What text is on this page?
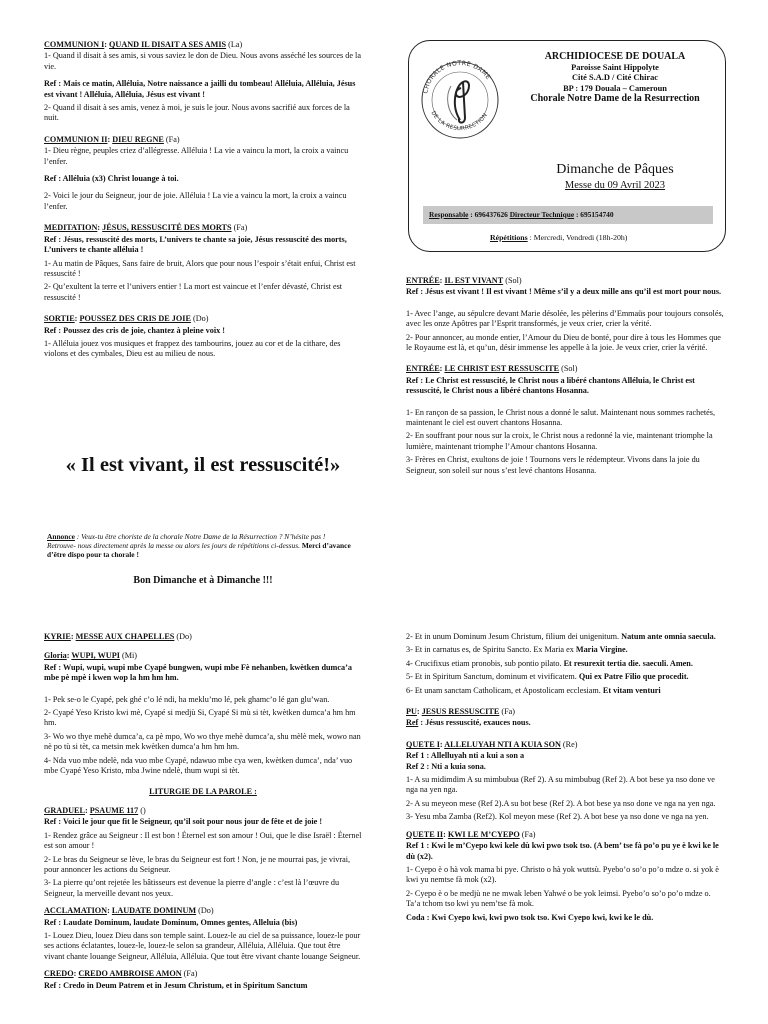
COMMUNION I: QUAND IL DISAIT A SES AMIS (La)

1- Quand il disait à ses amis, si vous saviez le don de Dieu. Nous avons asséché les sources de la vie.

Ref : Mais ce matin, Alléluia, Notre naissance a jailli du tombeau! Alléluia, Alléluia, Jésus est vivant ! Alléluia, Alléluia, Jésus est vivant !

2- Quand il disait à ses amis, venez à moi, je suis le jour. Nous avons sacrifié aux forces de la nuit.

COMMUNION II: DIEU REGNE (Fa)

1- Dieu règne, peuples criez d’allégresse. Alléluia ! La vie a vaincu la mort, la croix a vaincu l’enfer.

Ref : Alléluia (x3) Christ louange à toi.

2- Voici le jour du Seigneur, jour de joie. Alléluia ! La vie a vaincu la mort, la croix a vaincu l’enfer.

MEDITATION: JÉSUS, RESSUSCITÉ DES MORTS (Fa)

Ref : Jésus, ressuscité des morts, L’univers te chante sa joie, Jésus ressuscité des morts, L’univers te chante alléluia !

1- Au matin de Pâques, Sans faire de bruit, Alors que pour nous l’espoir s’était enfui, Christ est ressuscité !

2- Qu’exultent la terre et l’univers entier ! La mort est vaincue et l’enfer dévasté, Christ est ressuscité !

SORTIE: POUSSEZ DES CRIS DE JOIE (Do)

Ref : Poussez des cris de joie, chantez à pleine voix !

1- Alléluia jouez vos musiques et frappez des tambourins, jouez au cor et de la cithare, des violons et des cymbales, Dieu est au milieu de nous.

« Il est vivant, il est ressuscité!»
Annonce : Veux-tu être choriste de la chorale Notre Dame de la Résurrection ? N’hésite pas ! Retrouve- nous directement après la messe ou alors les jours de répétitions ci-dessus. Merci d’avance d’être dispo pour ta chorale !
Bon Dimanche et à Dimanche !!!
CHORALE NOTRE DAME
DE LA RESURRECTION
ARCHIDIOCESE DE DOUALA
Paroisse Saint Hippolyte
Cité S.A.D / Cité Chirac
BP : 179 Douala – Cameroun
Chorale Notre Dame de la Resurrection
Dimanche de Pâques
Messe du 09 Avril 2023
Responsable : 696437626 Directeur Technique : 695154740
Répétitions : Mercredi, Vendredi (18h-20h)
ENTRÉE: IL EST VIVANT (Sol)

Ref : Jésus est vivant ! Il est vivant ! Même s’il y a deux mille ans qu’il est mort pour nous.

1- Avec l’ange, au sépulcre devant Marie désolée, les pèlerins d’Emmaüs pour toujours consolés, avec les onze Apôtres par l’Esprit transformés, je veux crier, crier la vérité.

2- Pour annoncer, au monde entier, l’Amour du Dieu de bonté, pour dire à tous les Hommes que le Royaume est là, et qu’un, désir immense les appelle à la joie. Je veux crier, crier la vérité.

ENTRÉE: LE CHRIST EST RESSUSCITE (Sol)

Ref : Le Christ est ressuscité, le Christ nous a libéré chantons Alléluia, le Christ est ressuscité, le Christ nous a libéré chantons Hosanna.

1- En rançon de sa passion, le Christ nous a donné le salut. Maintenant nous sommes rachetés, maintenant le ciel est ouvert chantons Hosanna.

2- En souffrant pour nous sur la croix, le Christ nous a redonné la vie, maintenant triomphe la lumière, maintenant triomphe l’Amour chantons Hosanna.

3- Frères en Christ, exultons de joie ! Tournons vers le rédempteur. Vivons dans la joie du Seigneur, son soleil sur nous s’est levé chantons Hosanna.

KYRIE: MESSE AUX CHAPELLES (Do)
Gloria: WUPI, WUPI (Mi)

Ref : Wupi, wupi, wupi mbe Cyapé bungwen, wupi mbe Fè nehanben, kwètken dumca’a mbe pè mpè i kwen wop la hm hm hm.

1- Pek se-o le Cyapé, pek ghé c’o lé ndi, ha meklu’mo lé, pek ghamc’o lé gan glu’wan.

2- Cyapé Yeso Kristo kwi mè, Cyapé si medjù Si, Cyapé Si mù si tèt, kwètken dumca’a hm hm hm.

3- Wo wo thye mehè dumca’a, ca pè mpo, Wo wo thye mehè dumca’a, shu mèlè mek, wowo nan nè po tù si tèt, ca metsin mek kwètken dumca’a hm hm hm.

4- Nda vuo mbe ndelè, nda vuo mbe Cyapé, ndawuo mbe cya wen, kwètken dumca’, nda’ vuo mbe Cyapé Yeso Kristo, mba Jwine ndelè, thum wupi si tèt.

LITURGIE DE LA PAROLE :
GRADUEL: PSAUME 117 ()

Ref : Voici le jour que fit le Seigneur, qu’il soit pour nous jour de fête et de joie !

1- Rendez grâce au Seigneur : Il est bon ! Éternel est son amour ! Oui, que le dise Israël : Éternel est son amour !

2- Le bras du Seigneur se lève, le bras du Seigneur est fort ! Non, je ne mourrai pas, je vivrai, pour annoncer les actions du Seigneur.

3- La pierre qu’ont rejetée les bâtisseurs est devenue la pierre d’angle : c’est là l’œuvre du Seigneur, la merveille devant nos yeux.

ACCLAMATION: LAUDATE DOMINUM (Do)

Ref : Laudate Dominum, laudate Dominum, Omnes gentes, Alleluia (bis)

1- Louez Dieu, louez Dieu dans son temple saint. Louez-le au ciel de sa puissance, louez-le pour ses actions éclatantes, louez-le, louez-le selon sa grandeur, Alléluia, Alléluia. Que tout être vivant chante louange Seigneur, Alléluia, Alléluia. Que tout être vivant chante louange Seigneur.

CREDO: CREDO AMBROISE AMON (Fa)

Ref : Credo in Deum Patrem et in Jesum Christum, et in Spiritum Sanctum

2- Et in unum Dominum Jesum Christum, filium dei unigenitum. Natum ante omnia saecula.

3- Et in carnatus es, de Spiritu Sancto. Ex Maria ex Maria Virgine.

4- Crucifixus etiam pronobis, sub pontio pilato. Et resurexit tertia die. saeculi. Amen.

5- Et in Spiritum Sanctum, dominum et vivificatem. Qui ex Patre Filio que procedit.

6- Et unam sanctam Catholicam, et Apostolicam ecclesiam. Et vitam venturi

PU: JESUS RESSUSCITE (Fa)

Ref : Jésus ressuscité, exauces nous.

QUETE I: ALLELUYAH NTI A KUIA SON (Re)

Ref 1 : Allelluyah nti a kui a son a

Ref 2 : Nti a kuia sona.

1- A su midimdim A su mimbubua (Ref 2). A su mimbubug (Ref 2). A bot bese ya nso done ve nga na yen nga.

2- A su meyeon mese (Ref 2).A su bot bese (Ref 2). A bot bese ya nso done ve nga na yen nga.

3- Yesu mba Zamba (Ref2). Kol meyon mese (Ref 2). A bot bese ya nso done ve nga na yen.

QUETE II: KWI LE M’CYEPO (Fa)

Ref 1 : Kwi le m’Cyepo kwi kele dù kwi pwo tsok tso. (A bem’ tse fà po’o pu ye è kwi ke le dù (x2).

1- Cyepo è o hà vok mama bi pye. Christo o hà yok wuttsù. Pyebo’o so’o po’o mdze o. si yok è kwi yu nemtse fà mok (x2).

2- Cyepo è o be medjù ne ne mwak leben Yahwé o be yok leimsi. Pyebo’o so’o po’o mdze o. Ta’a tchom tso kwi yu nem’tse fà mok.

Coda : Kwi Cyepo kwi, kwi pwo tsok tso. Kwi Cyepo kwi, kwi ke le dù.
